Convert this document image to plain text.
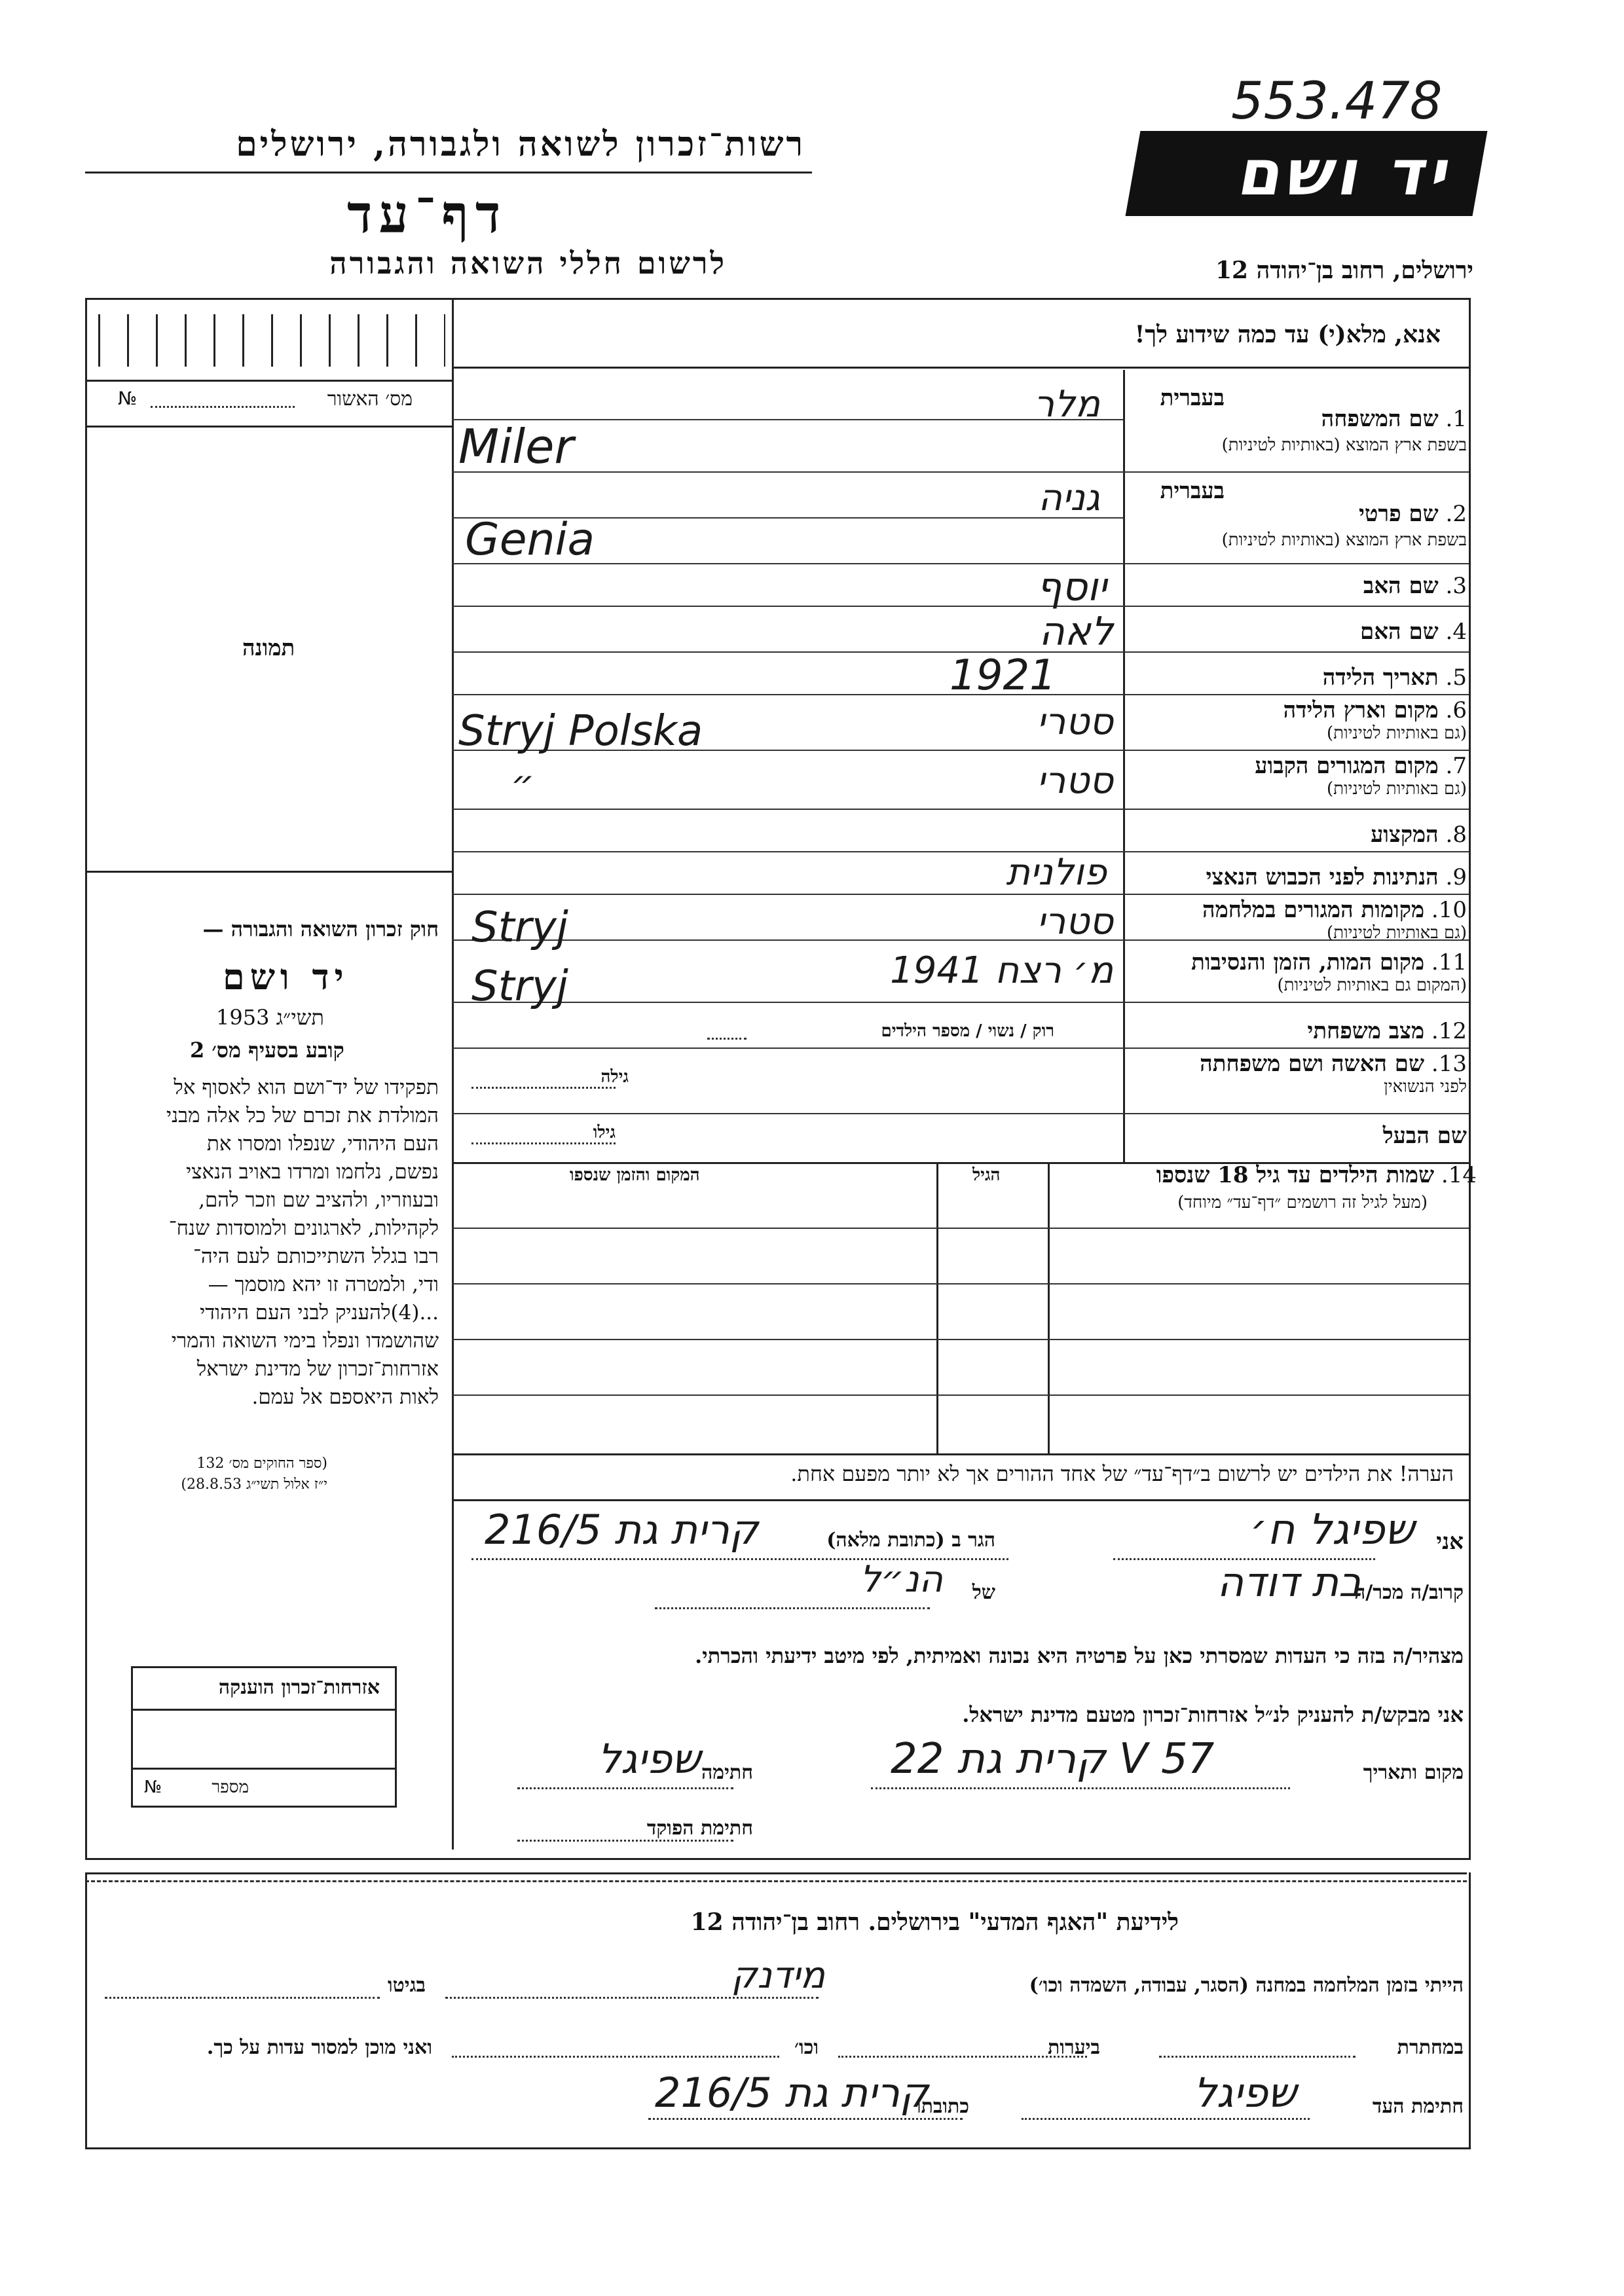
553.478
רשות־זכרון לשואה ולגבורה, ירושלים
דף־עד
לרשום חללי השואה והגבורה
יד ושם
ירושלים, רחוב בן־יהודה 12
מס׳ האשור
№
תמונה
חוק זכרון השואה והגבורה —
יד ושם
תשי״ג 1953
קובע בסעיף מס׳ 2
תפקידו של יד־ושם הוא לאסוף אל
המולדת את זכרם של כל אלה מבני
העם היהודי, שנפלו ומסרו את
נפשם, נלחמו ומרדו באויב הנאצי
ובעוזריו, ולהציב שם וזכר להם,
לקהילות, לארגונים ולמוסדות שנח־
רבו בגלל השתייכותם לעם היה־
ודי, ולמטרה זו יהא מוסמך —
...(4)להעניק לבני העם היהודי
שהושמדו ונפלו בימי השואה והמרי
אזרחות־זכרון של מדינת ישראל
לאות היאספם אל עמם.
(ספר החוקים מס׳ 132
י״ז אלול תשי״ג 28.8.53)
אזרחות־זכרון הוענקה
מספר
№
אנא, מלא(י) עד כמה שידוע לך!
בעברית
1. שם המשפחה
בשפת ארץ המוצא (באותיות לטיניות)
מלר
Miler
בעברית
2. שם פרטי
בשפת ארץ המוצא (באותיות לטיניות)
גניה
Genia
3. שם האב
יוסף
4. שם האם
לאה
5. תאריך הלידה
1921
6. מקום וארץ הלידה
(גם באותיות לטיניות)
סטרי
Stryj Polska
7. מקום המגורים הקבוע
(גם באותיות לטיניות)
סטרי
״
8. המקצוע
9. הנתינות לפני הכבוש הנאצי
פולנית
10. מקומות המגורים במלחמה
(גם באותיות לטיניות)
סטרי
Stryj
11. מקום המות, הזמן והנסיבות
(המקום גם באותיות לטיניות)
מ׳ רצח 1941
Stryj
12. מצב משפחתי
רוק / נשוי / מספר הילדים
13. שם האשה ושם משפחתה
לפני הנשואין
גילה
שם הבעל
גילו
14. שמות הילדים עד גיל 18 שנספו
(מעל לגיל זה רושמים ״דף־עד״ מיוחד)
הגיל
המקום והזמן שנספו
הערה! את הילדים יש לרשום ב״דף־עד״ של אחד ההורים אך לא יותר מפעם אחת.
אני
שפיגל ח׳
הגר ב (כתובת מלאה)
קרית גת 216/5
קרוב/ה מכר/ה
בת דודה
של
הנ״ל
מצהיר/ה בזה כי העדות שמסרתי כאן על פרטיה היא נכונה ואמיתית, לפי מיטב ידיעתי והכרתי.
אני מבקש/ת להעניק לנ״ל אזרחות־זכרון מטעם מדינת ישראל.
מקום ותאריך
קרית גת 22 V 57
חתימה
שפיגל
חתימת הפוקד
לידיעת "האגף המדעי" בירושלים. רחוב בן־יהודה 12
הייתי בזמן המלחמה במחנה (הסגר, עבודה, השמדה וכו׳)
מידנק
בגיטו
במחתרת
ביערות
וכו׳
ואני מוכן למסור עדות על כך.
חתימת העד
שפיגל
כתובתו
קרית גת 216/5
